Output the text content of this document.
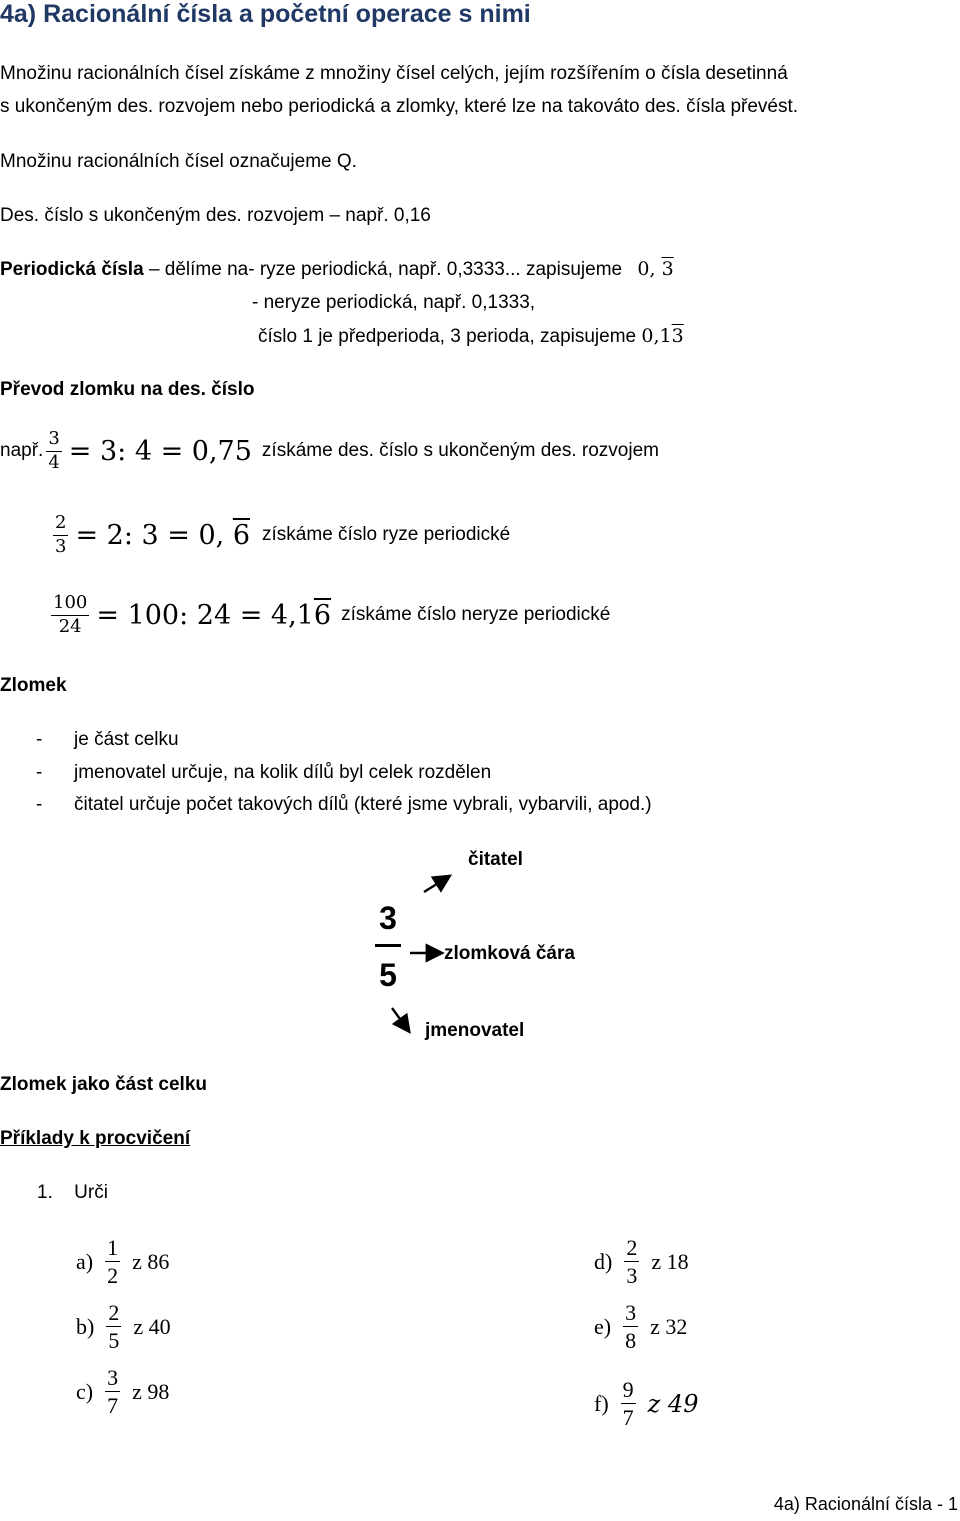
4a) Racionální čísla a početní operace s nimi
Množinu racionálních čísel získáme z množiny čísel celých, jejím rozšířením o čísla desetinná
s ukončeným des. rozvojem nebo periodická a zlomky, které lze na takováto des. čísla převést.
Množinu racionálních čísel označujeme Q.
Des. číslo s ukončeným des. rozvojem – např. 0,16
Periodická čísla – dělíme na- ryze periodická, např. 0,3333... zapisujeme 0, 3
- neryze periodická, např. 0,1333,
číslo 1 je předperioda, 3 perioda, zapisujeme 0,13
Převod zlomku na des. číslo
např. $\frac{3}{4} = 3$: 4 = 0,75 získáme des. číslo s ukončeným des. rozvojem
$\frac{2}{3} = 2$: 3 = 0, 6 získáme číslo ryze periodické
$\frac{100}{24} = 100$: 24 = 4,16 získáme číslo neryze periodické
Zlomek
- je část celku
- jmenovatel určuje, na kolik dílů byl celek rozdělen
- čitatel určuje počet takových dílů (které jsme vybrali, vybarvili, apod.)
3
5
čitatel
zlomková čára
jmenovatel
Zlomek jako část celku
Příklady k procvičení
1. Urči
$a) \frac{1}{2}$ z 86
$b) \frac{2}{5}$ z 40
$c) \frac{3}{7}$ z 98
$d) \frac{2}{3}$ z 18
$e) \frac{3}{8}$ z 32
$f) \frac{9}{7}$ z 49
4a) Racionální čísla - 1
